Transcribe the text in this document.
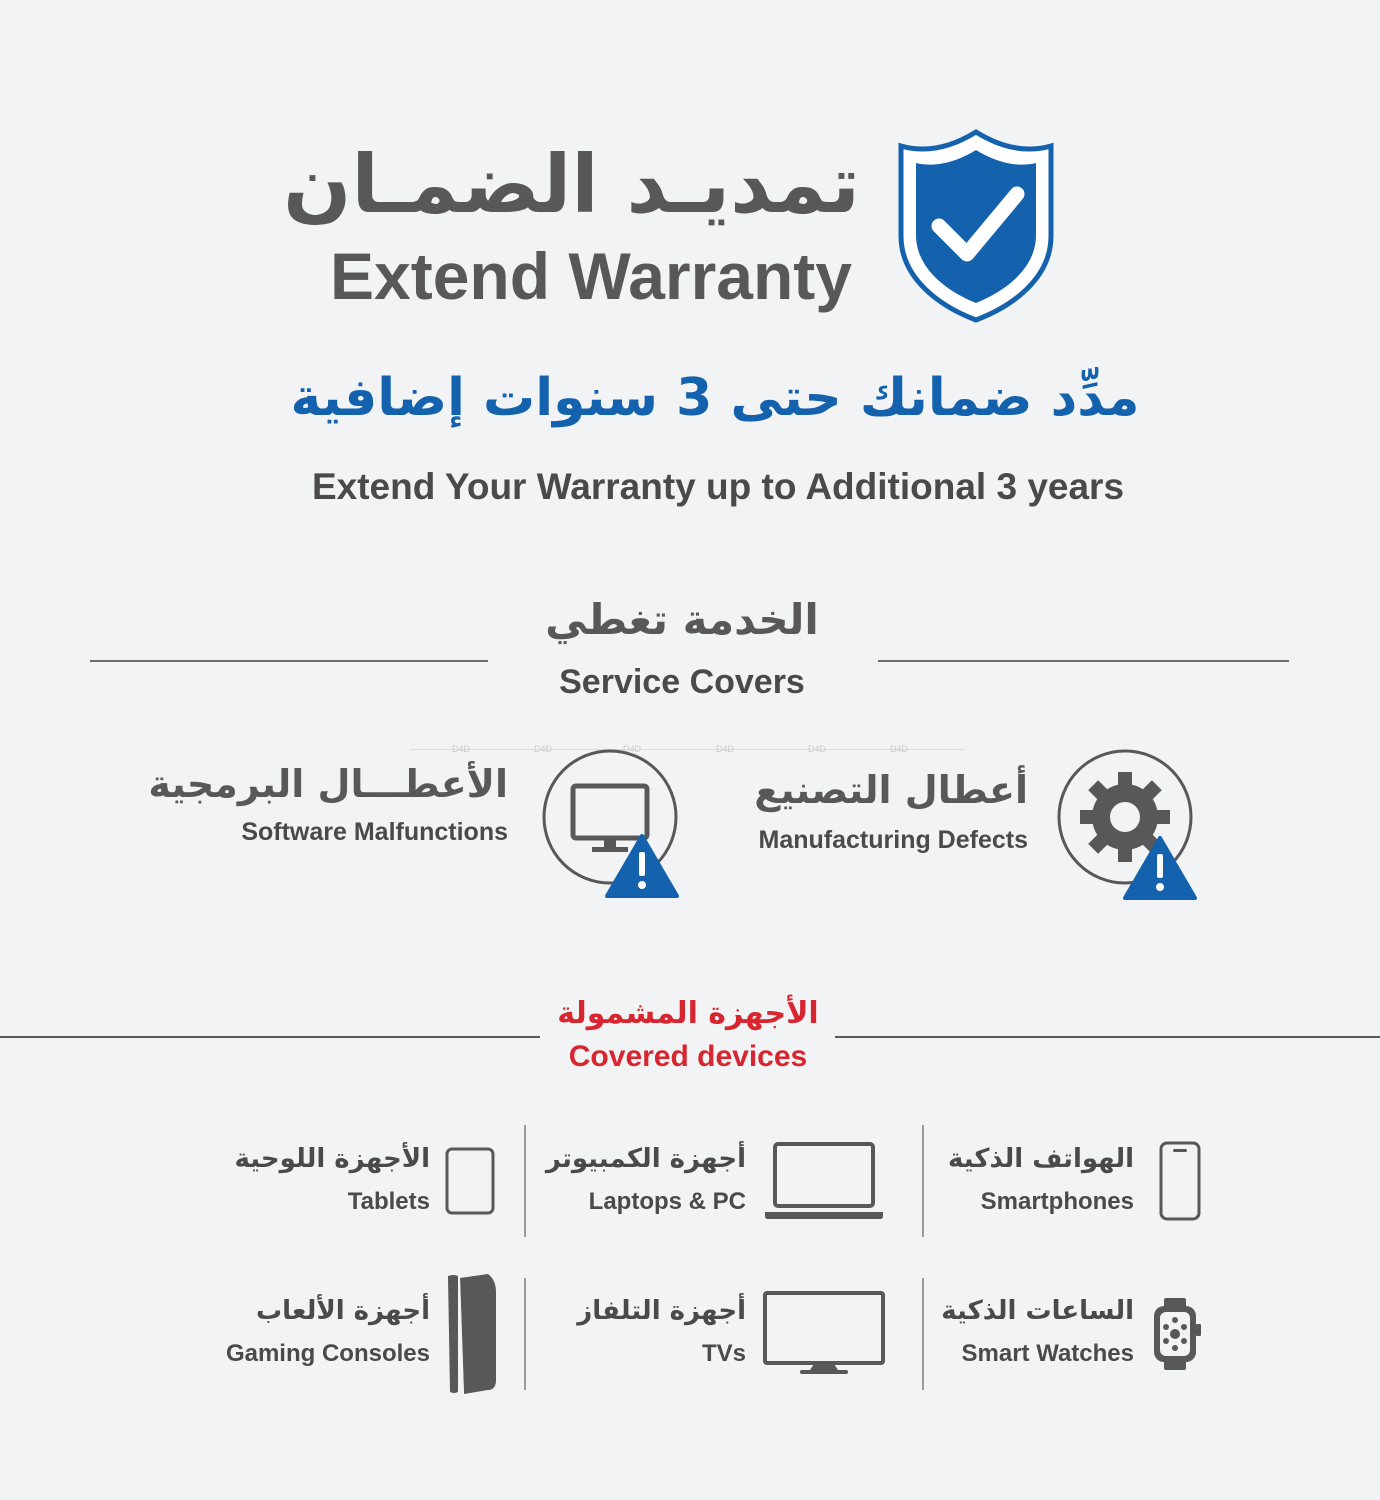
تمديـد الضمـان
Extend Warranty
مدِّد ضمانك حتى 3 سنوات إضافية
Extend Your Warranty up to Additional 3 years
الخدمة تغطي
Service Covers
D4D	D4D	D4D	D4D	D4D	D4D
أعطال التصنيع
Manufacturing Defects
الأعطـــال البرمجية
Software Malfunctions
الأجهزة المشمولة
Covered devices
الهواتف الذكية
Smartphones
أجهزة الكمبيوتر
Laptops & PC
الأجهزة اللوحية
Tablets
الساعات الذكية
Smart Watches
أجهزة التلفاز
TVs
أجهزة الألعاب
Gaming Consoles
